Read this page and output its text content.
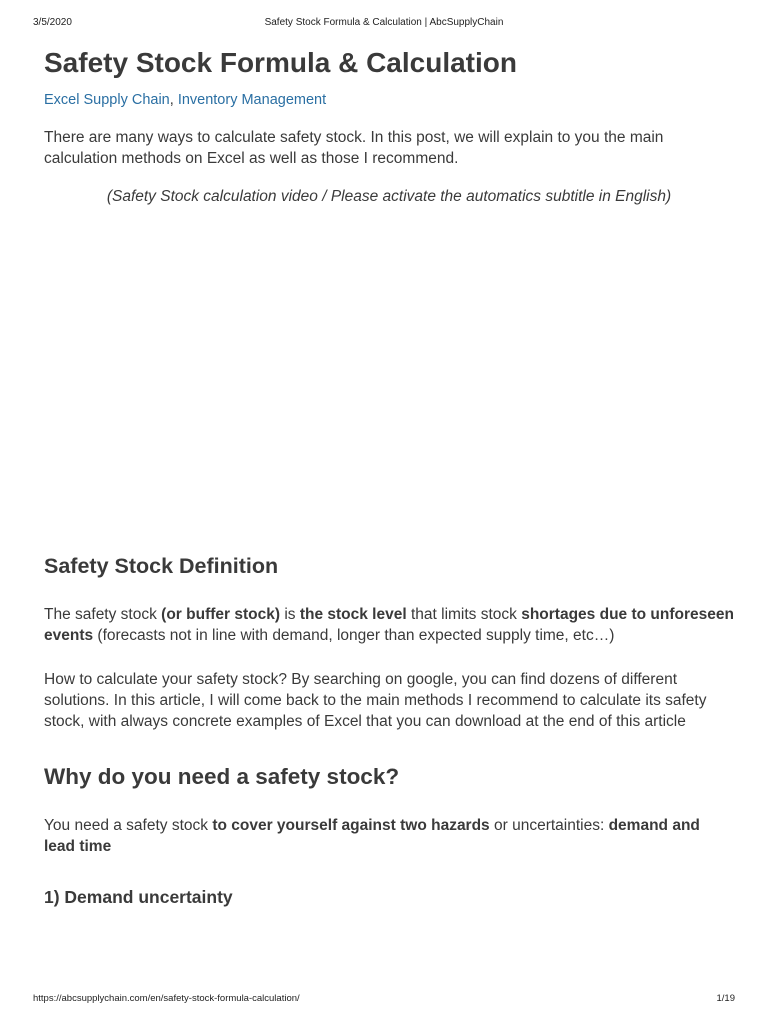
3/5/2020	Safety Stock Formula & Calculation | AbcSupplyChain
Safety Stock Formula & Calculation
Excel Supply Chain, Inventory Management

There are many ways to calculate safety stock. In this post, we will explain to you the main calculation methods on Excel as well as those I recommend.

(Safety Stock calculation video / Please activate the automatics subtitle in English)

Safety Stock Definition

The safety stock (or buffer stock) is the stock level that limits stock shortages due to unforeseen events (forecasts not in line with demand, longer than expected supply time, etc…)

How to calculate your safety stock? By searching on google, you can find dozens of different solutions. In this article, I will come back to the main methods I recommend to calculate its safety stock, with always concrete examples of Excel that you can download at the end of this article

Why do you need a safety stock?

You need a safety stock to cover yourself against two hazards or uncertainties: demand and lead time

1) Demand uncertainty
https://abcsupplychain.com/en/safety-stock-formula-calculation/	1/19
